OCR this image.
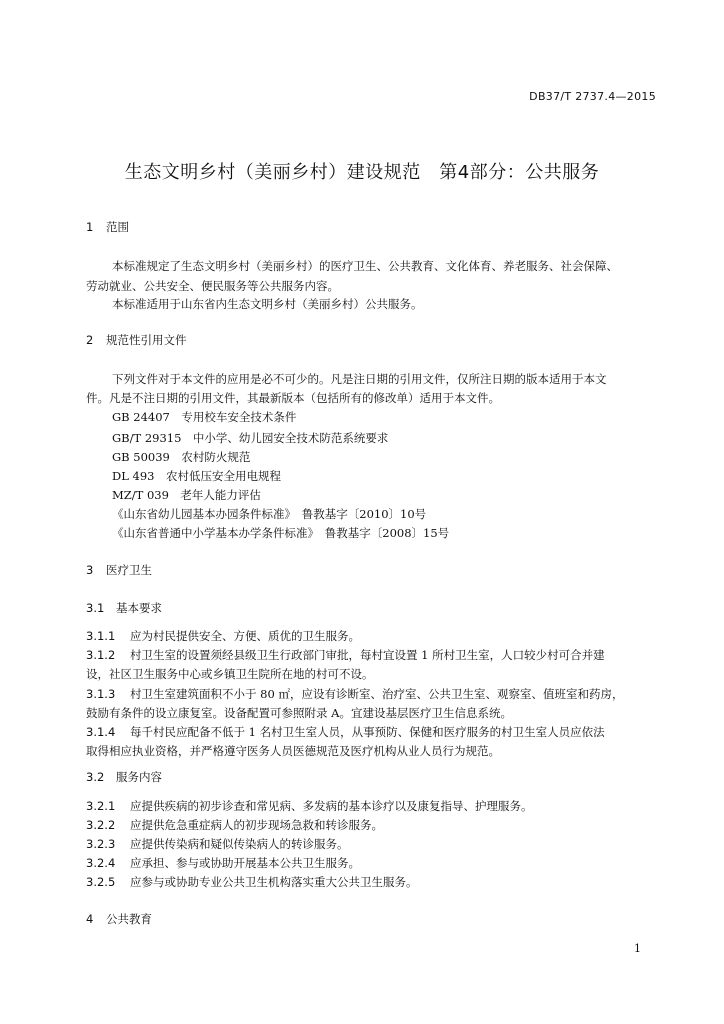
DB37/T 2737.4—2015
生态文明乡村（美丽乡村）建设规范　第4部分：公共服务
1 范围
本标准规定了生态文明乡村（美丽乡村）的医疗卫生、公共教育、文化体育、养老服务、社会保障、
劳动就业、公共安全、便民服务等公共服务内容。
本标准适用于山东省内生态文明乡村（美丽乡村）公共服务。
2 规范性引用文件
下列文件对于本文件的应用是必不可少的。凡是注日期的引用文件，仅所注日期的版本适用于本文
件。凡是不注日期的引用文件，其最新版本（包括所有的修改单）适用于本文件。
GB 24407　专用校车安全技术条件
GB/T 29315　中小学、幼儿园安全技术防范系统要求
GB 50039　农村防火规范
DL 493　农村低压安全用电规程
MZ/T 039　老年人能力评估
《山东省幼儿园基本办园条件标准》　鲁教基字〔2010〕10号
《山东省普通中小学基本办学条件标准》　鲁教基字〔2008〕15号
3 医疗卫生
3.1 基本要求
3.1.1 应为村民提供安全、方便、质优的卫生服务。
3.1.2 村卫生室的设置须经县级卫生行政部门审批，每村宜设置 1 所村卫生室，人口较少村可合并建
设，社区卫生服务中心或乡镇卫生院所在地的村可不设。
3.1.3 村卫生室建筑面积不小于 80 ㎡，应设有诊断室、治疗室、公共卫生室、观察室、值班室和药房，
鼓励有条件的设立康复室。设备配置可参照附录 A。宜建设基层医疗卫生信息系统。
3.1.4 每千村民应配备不低于 1 名村卫生室人员，从事预防、保健和医疗服务的村卫生室人员应依法
取得相应执业资格，并严格遵守医务人员医德规范及医疗机构从业人员行为规范。
3.2 服务内容
3.2.1 应提供疾病的初步诊查和常见病、多发病的基本诊疗以及康复指导、护理服务。
3.2.2 应提供危急重症病人的初步现场急救和转诊服务。
3.2.3 应提供传染病和疑似传染病人的转诊服务。
3.2.4 应承担、参与或协助开展基本公共卫生服务。
3.2.5 应参与或协助专业公共卫生机构落实重大公共卫生服务。
4 公共教育
1
